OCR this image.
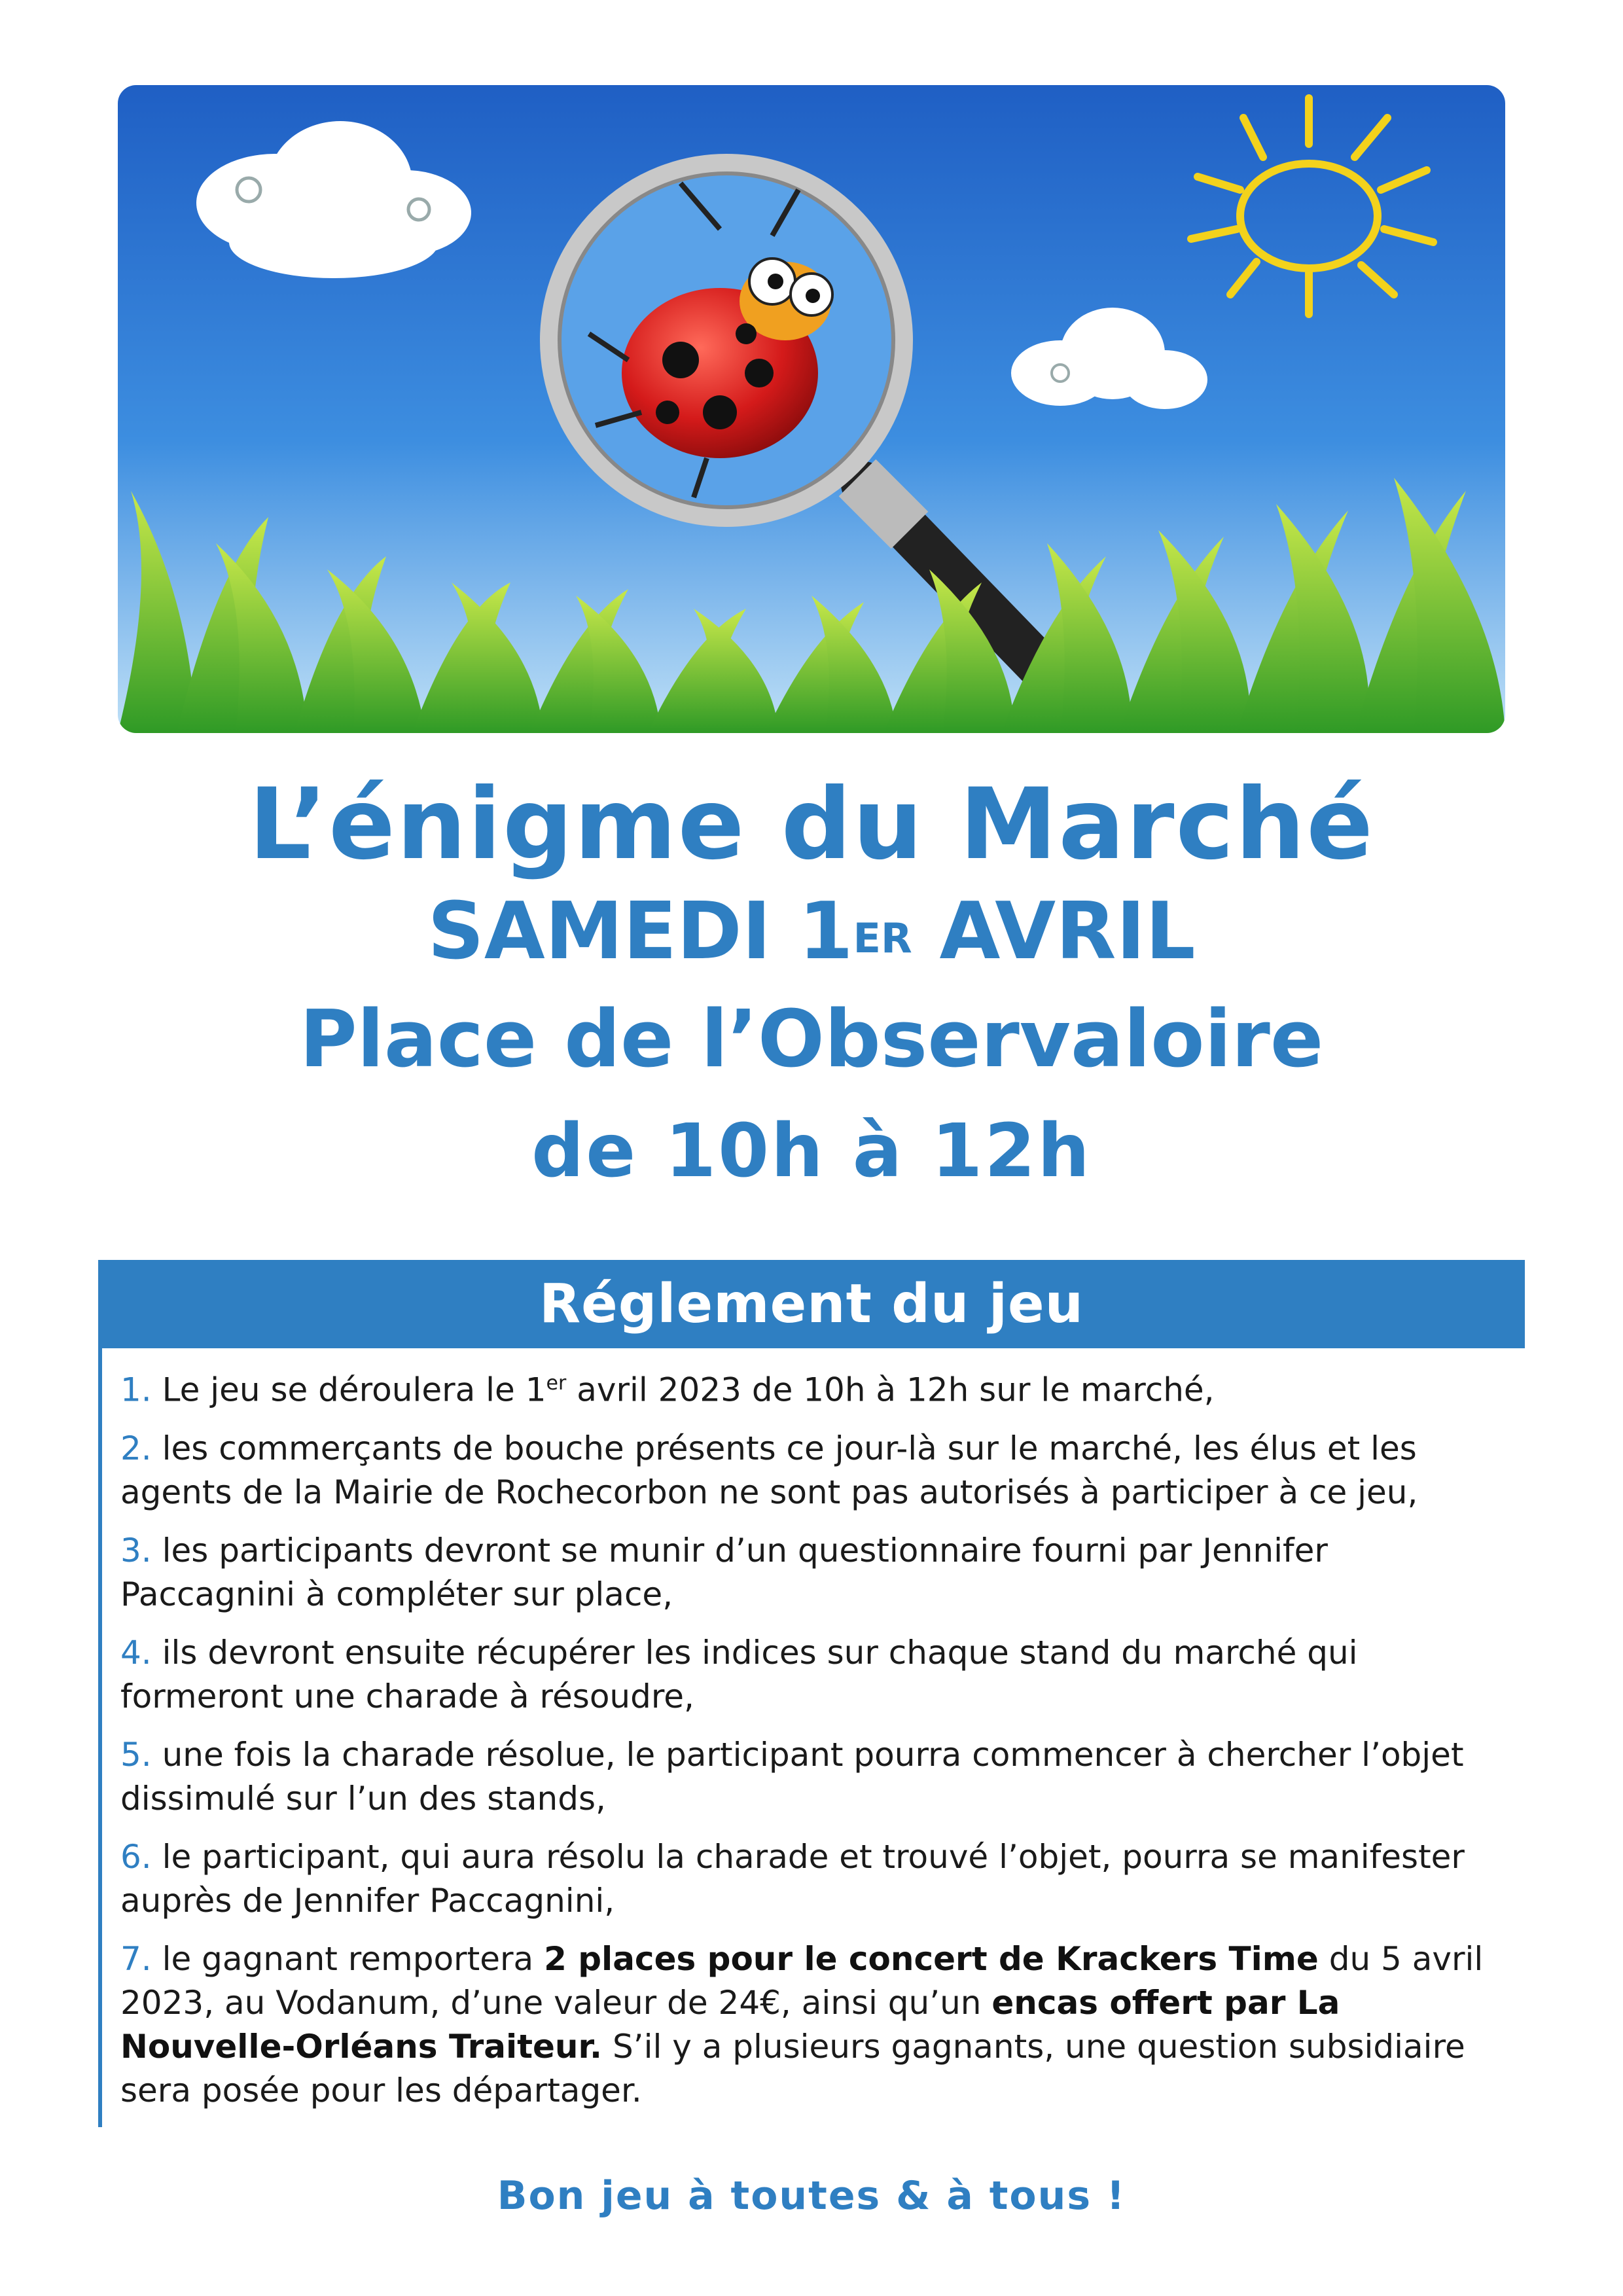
L’énigme du Marché
SAMEDI 1ER AVRIL
Place de l’Observaloire
de 10h à 12h
Réglement du jeu

1. Le jeu se déroulera le 1er avril 2023 de 10h à 12h sur le marché,

2. les commerçants de bouche présents ce jour-là sur le marché, les élus et les agents de la Mairie de Rochecorbon ne sont pas autorisés à participer à ce jeu,

3. les participants devront se munir d’un questionnaire fourni par Jennifer Paccagnini à compléter sur place,

4. ils devront ensuite récupérer les indices sur chaque stand du marché qui formeront une charade à résoudre,

5. une fois la charade résolue, le participant pourra commencer à chercher l’objet dissimulé sur l’un des stands,

6. le participant, qui aura résolu la charade et trouvé l’objet, pourra se manifester auprès de Jennifer Paccagnini,

7. le gagnant remportera 2 places pour le concert de Krackers Time du 5 avril 2023, au Vodanum, d’une valeur de 24€, ainsi qu’un encas offert par La Nouvelle-Orléans Traiteur. S’il y a plusieurs gagnants, une question subsidiaire sera posée pour les départager.

Bon jeu à toutes & à tous !
